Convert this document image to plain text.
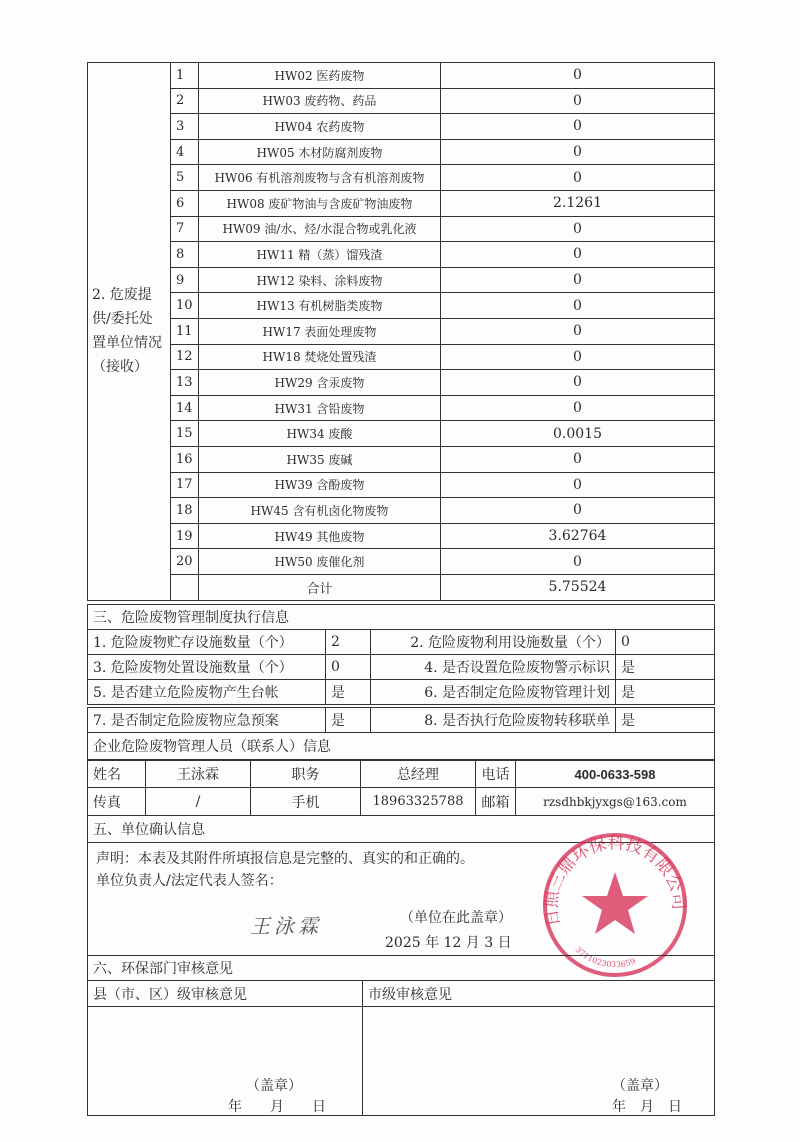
2. 危废提供/委托处置单位情况（接收）
1	HW02 医药废物	0
2	HW03 废药物、药品	0
3	HW04 农药废物	0
4	HW05 木材防腐剂废物	0
5	HW06 有机溶剂废物与含有机溶剂废物	0
6	HW08 废矿物油与含废矿物油废物	2.1261
7	HW09 油/水、烃/水混合物或乳化液	0
8	HW11 精（蒸）馏残渣	0
9	HW12 染料、涂料废物	0
10	HW13 有机树脂类废物	0
11	HW17 表面处理废物	0
12	HW18 焚烧处置残渣	0
13	HW29 含汞废物	0
14	HW31 含铅废物	0
15	HW34 废酸	0.0015
16	HW35 废碱	0
17	HW39 含酚废物	0
18	HW45 含有机卤化物废物	0
19	HW49 其他废物	3.62764
20	HW50 废催化剂	0
合计	5.75524
三、危险废物管理制度执行信息
1. 危险废物贮存设施数量（个）	2	2. 危险废物利用设施数量（个） 0
3. 危险废物处置设施数量（个）	0	4. 是否设置危险废物警示标识 是
5. 是否建立危险废物产生台帐	是	6. 是否制定危险废物管理计划 是
7. 是否制定危险废物应急预案	是	8. 是否执行危险废物转移联单 是
企业危险废物管理人员（联系人）信息
姓名	王泳霖	职务	总经理	电话	400-0633-598
传真	/	手机	18963325788	邮箱	rzsdhbkjyxgs@163.com
五、单位确认信息
声明：本表及其附件所填报信息是完整的、真实的和正确的。
单位负责人/法定代表人签名：
王泳霖	日照三鼎环保科技有限公司
3711023033659
（单位在此盖章）
2025 年 12 月 3 日
六、环保部门审核意见
县（市、区）级审核意见	市级审核意见
（盖章）
年　　月　　日
（盖章）
年　月　日
